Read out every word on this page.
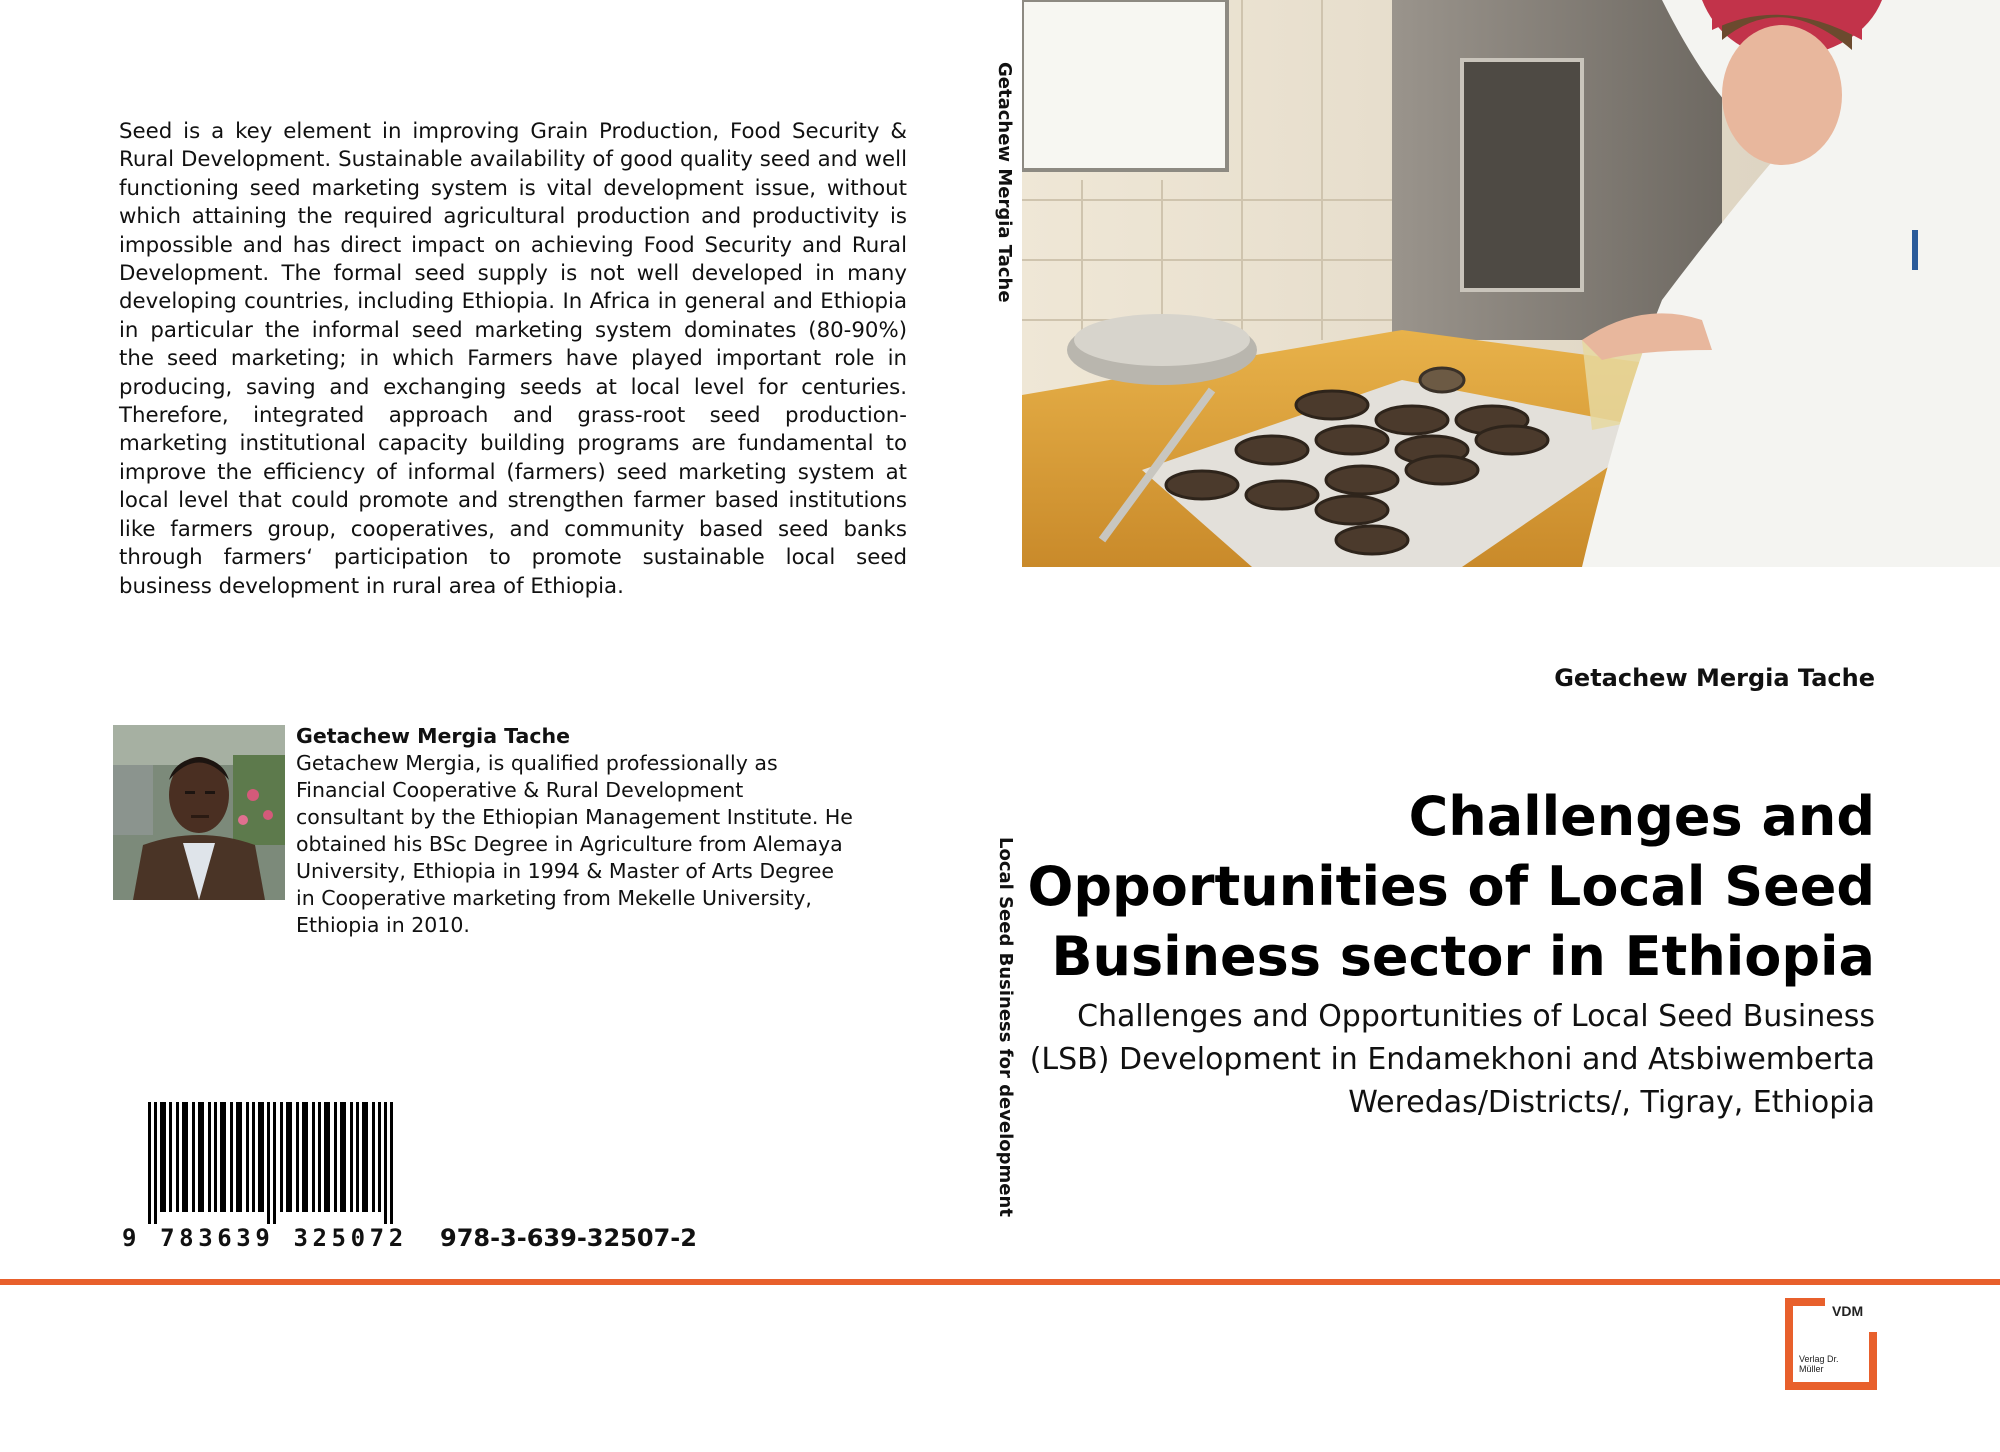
Seed is a key element in improving Grain Production, Food Security & Rural Development. Sustainable availability of good quality seed and well functioning seed marketing system is vital development issue, without which attaining the required agricultural production and productivity is impossible and has direct impact on achieving Food Security and Rural Development. The formal seed supply is not well developed in many developing countries, including Ethiopia. In Africa in general and Ethiopia in particular the informal seed marketing system dominates (80-90%) the seed marketing; in which Farmers have played important role in producing, saving and exchanging seeds at local level for centuries. Therefore, integrated approach and grass-root seed production-marketing institutional capacity building programs are fundamental to improve the efficiency of informal (farmers) seed marketing system at local level that could promote and strengthen farmer based institutions like farmers group, cooperatives, and community based seed banks through farmers‘ participation to promote sustainable local seed business development in rural area of Ethiopia.
Getachew Mergia Tache
Getachew Mergia, is qualified professionally as Financial Cooperative & Rural Development consultant by the Ethiopian Management Institute. He obtained his BSc Degree in Agriculture from Alemaya University, Ethiopia in 1994 & Master of Arts Degree in Cooperative marketing from Mekelle University, Ethiopia in 2010.
9 783639 325072 978-3-639-32507-2
Getachew Mergia Tache
Local Seed Business for development
Getachew Mergia Tache
Challenges and Opportunities of Local Seed Business sector in Ethiopia
Challenges and Opportunities of Local Seed Business (LSB) Development in Endamekhoni and Atsbiwemberta Weredas/Districts/, Tigray, Ethiopia
VDM
Verlag Dr. Müller
